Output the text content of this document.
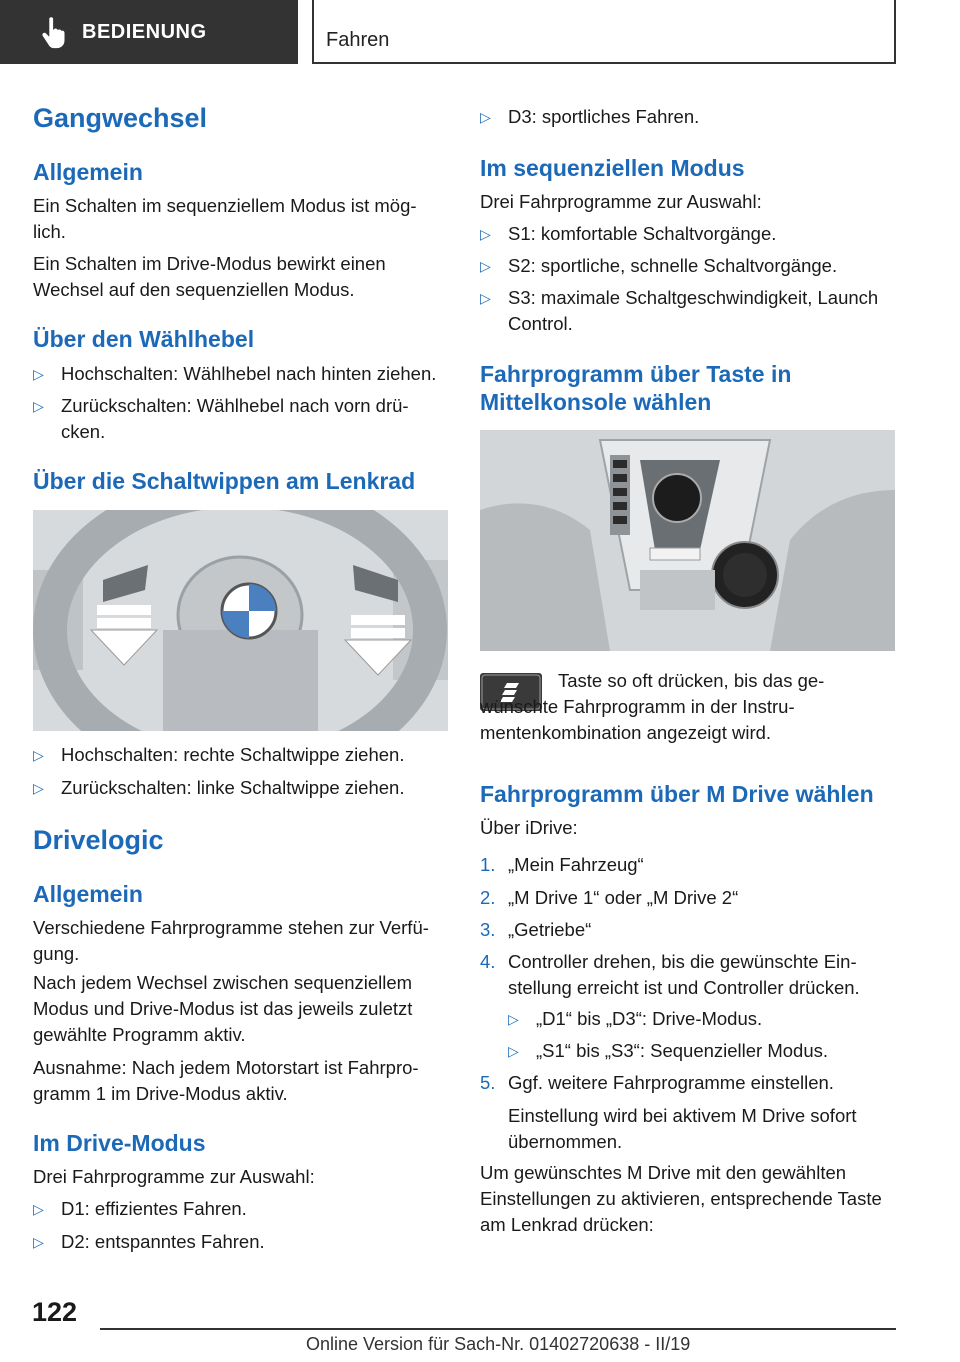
BEDIENUNG	Fahren
Gangwechsel
Allgemein
Ein Schalten im sequenziellem Modus ist mög-lich.
Ein Schalten im Drive-Modus bewirkt einen Wechsel auf den sequenziellen Modus.
Über den Wählhebel
▷ Hochschalten: Wählhebel nach hinten ziehen.
▷ Zurückschalten: Wählhebel nach vorn drü-cken.
Über die Schaltwippen am Lenkrad
▷ Hochschalten: rechte Schaltwippe ziehen.
▷ Zurückschalten: linke Schaltwippe ziehen.
Drivelogic
Allgemein
Verschiedene Fahrprogramme stehen zur Verfü-gung.
Nach jedem Wechsel zwischen sequenziellem Modus und Drive-Modus ist das jeweils zuletzt gewählte Programm aktiv.
Ausnahme: Nach jedem Motorstart ist Fahrpro-gramm 1 im Drive-Modus aktiv.
Im Drive-Modus
Drei Fahrprogramme zur Auswahl:
▷ D1: effizientes Fahren.
▷ D2: entspanntes Fahren.
▷ D3: sportliches Fahren.
Im sequenziellen Modus
Drei Fahrprogramme zur Auswahl:
▷ S1: komfortable Schaltvorgänge.
▷ S2: sportliche, schnelle Schaltvorgänge.
▷ S3: maximale Schaltgeschwindigkeit, Launch Control.
Fahrprogramm über Taste in
Mittelkonsole wählen
Taste so oft drücken, bis das ge-wünschte Fahrprogramm in der Instru-mentenkombination angezeigt wird.
Fahrprogramm über M Drive wählen
Über iDrive:
1. „Mein Fahrzeug“
2. „M Drive 1“ oder „M Drive 2“
3. „Getriebe“
4. Controller drehen, bis die gewünschte Ein-stellung erreicht ist und Controller drücken.
▷ „D1“ bis „D3“: Drive-Modus.
▷ „S1“ bis „S3“: Sequenzieller Modus.
5. Ggf. weitere Fahrprogramme einstellen.
Einstellung wird bei aktivem M Drive sofort übernommen.
Um gewünschtes M Drive mit den gewählten Einstellungen zu aktivieren, entsprechende Taste am Lenkrad drücken:
122
Online Version für Sach-Nr. 01402720638 - II/19
